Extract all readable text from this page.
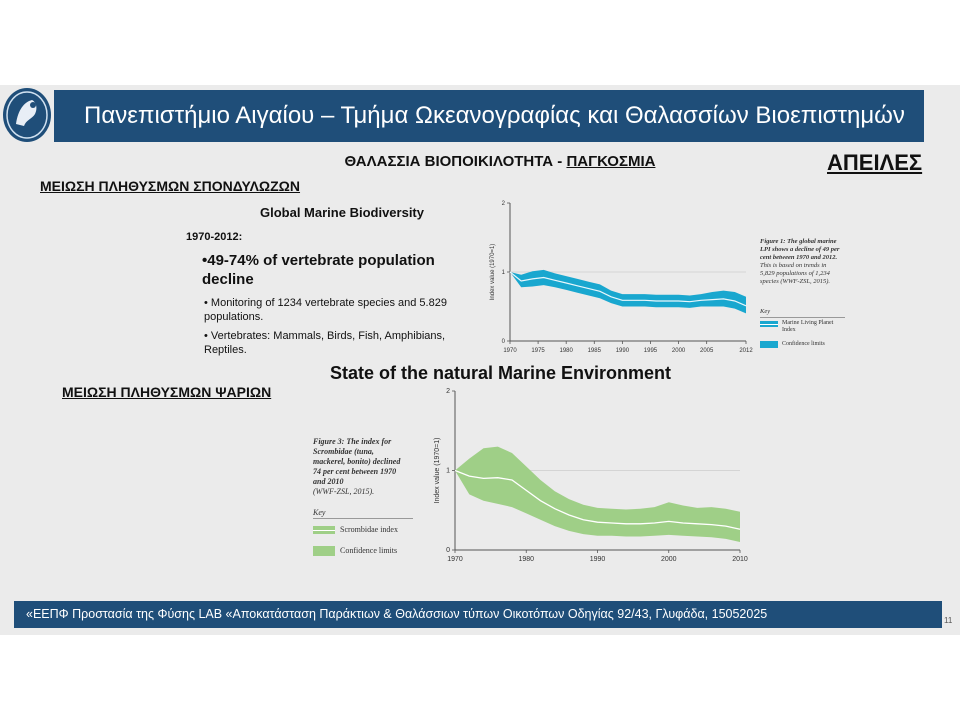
Πανεπιστήμιο Αιγαίου – Τμήμα Ωκεανογραφίας και Θαλασσίων Βιοεπιστημών
ΘΑΛΑΣΣΙΑ ΒΙΟΠΟΙΚΙΛΟΤΗΤΑ - ΠΑΓΚΟΣΜΙΑ	ΑΠΕΙΛΕΣ
ΜΕΙΩΣΗ ΠΛΗΘΥΣΜΩΝ ΣΠΟΝΔΥΛΩΖΩΝ
ΜΕΙΩΣΗ ΠΛΗΘΥΣΜΩΝ ΨΑΡΙΩΝ
Global Marine Biodiversity
1970-2012:
•49-74% of vertebrate population decline
• Monitoring of 1234 vertebrate species and 5.829 populations.
• Vertebrates: Mammals, Birds, Fish, Amphibians, Reptiles.
State of the natural Marine Environment
0
1
2
1970 1975 1980 1985 1990 1995 2000 2005	2012
Index value (1970=1)
Figure 1: The global marine LPI shows a decline of 49 per cent between 1970 and 2012.
This is based on trends in 5,829 populations of 1,234 species (WWF-ZSL, 2015).
Key
Marine Living Planet Index
Confidence limits
0
1
2
1970	1980	1990	2000	2010
Index value (1970=1)
Figure 3: The index for Scrombidae (tuna, mackerel, bonito) declined 74 per cent between 1970 and 2010
(WWF-ZSL, 2015).
Key
Scrombidae index
Confidence limits
«ΕΕΠΦ Προστασία της Φύσης LAB «Αποκατάσταση Παράκτιων & Θαλάσσιων τύπων Οικοτόπων Οδηγίας 92/43, Γλυφάδα, 15052025	11
